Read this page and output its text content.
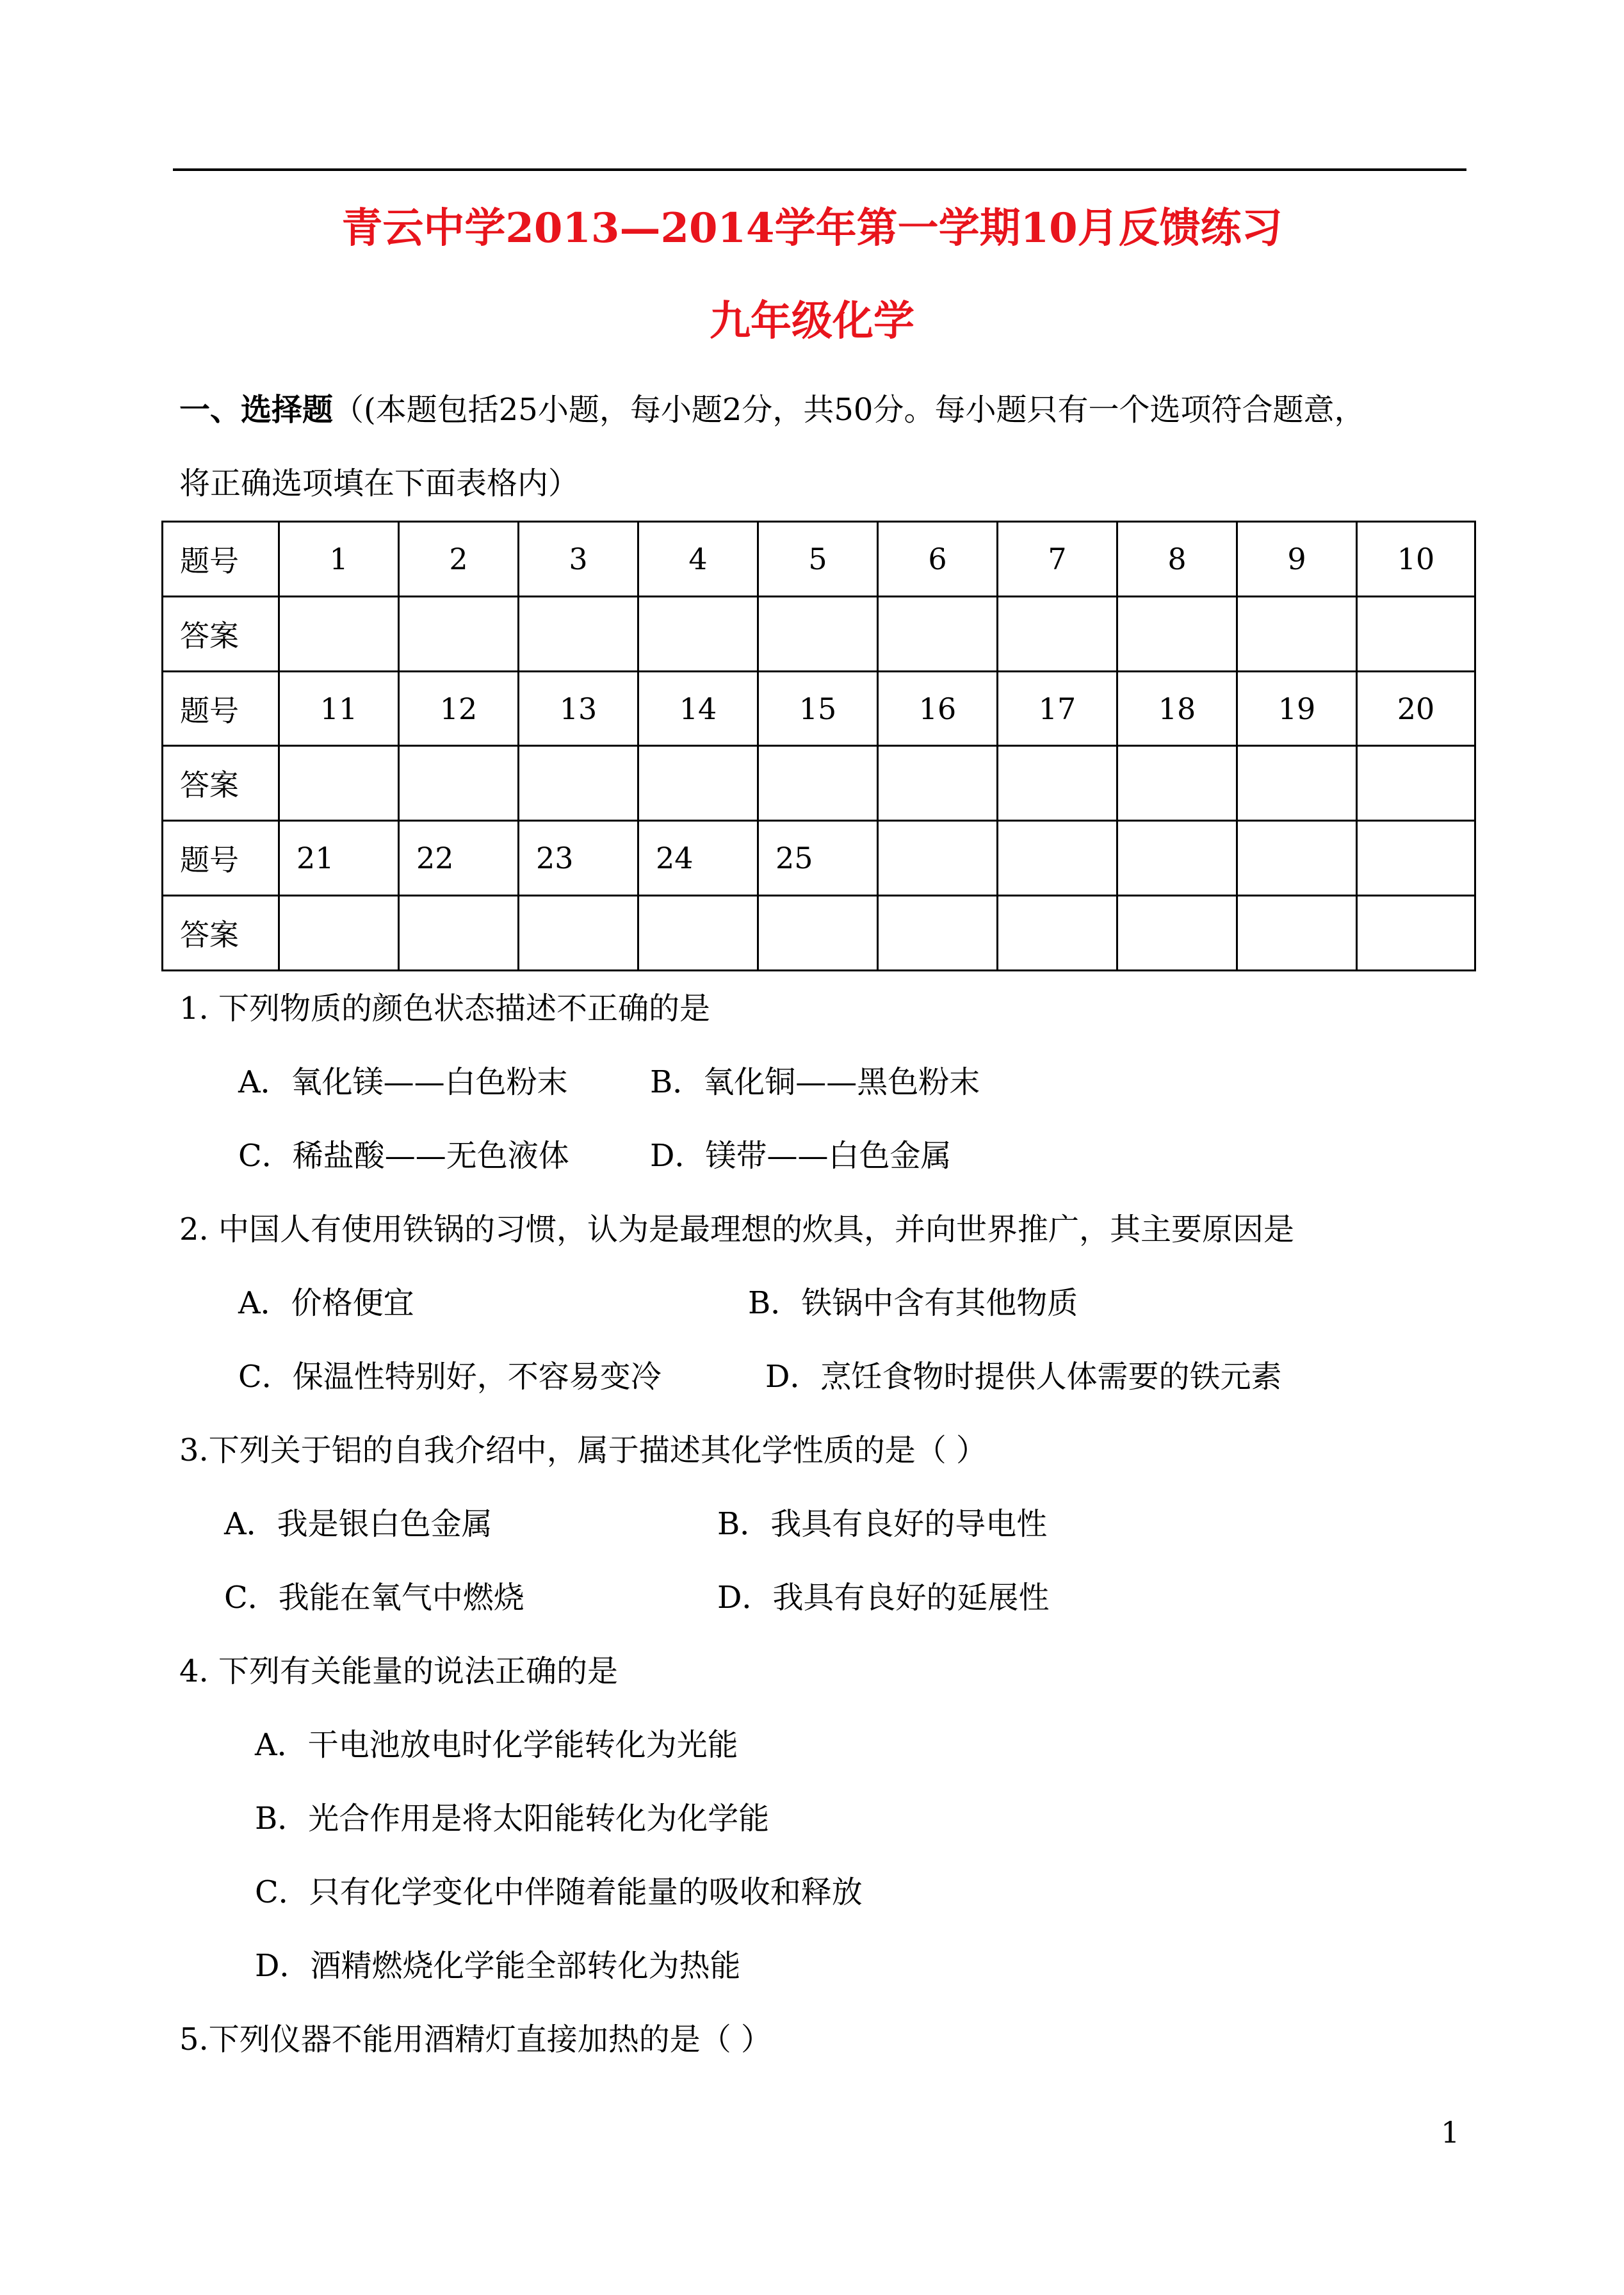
青云中学2013—2014学年第一学期10月反馈练习
九年级化学
一、选择题（(本题包括25小题，每小题2分，共50分。每小题只有一个选项符合题意，
将正确选项填在下面表格内）
题号	1	2	3	4	5	6	7	8	9	10
答案										
题号	11	12	13	14	15	16	17	18	19	20
答案										
题号	21	22	23	24	25					
答案										
1. 下列物质的颜色状态描述不正确的是
A．氧化镁——白色粉末	B．氧化铜——黑色粉末
C．稀盐酸——无色液体	D．镁带——白色金属
2. 中国人有使用铁锅的习惯，认为是最理想的炊具，并向世界推广，其主要原因是
A．价格便宜	B．铁锅中含有其他物质
C．保温性特别好，不容易变冷	D．烹饪食物时提供人体需要的铁元素
3.下列关于铝的自我介绍中，属于描述其化学性质的是（ ）
A．我是银白色金属	B．我具有良好的导电性
C．我能在氧气中燃烧	D．我具有良好的延展性
4. 下列有关能量的说法正确的是
A．干电池放电时化学能转化为光能
B．光合作用是将太阳能转化为化学能
C．只有化学变化中伴随着能量的吸收和释放
D．酒精燃烧化学能全部转化为热能
5.下列仪器不能用酒精灯直接加热的是（ ）
1
